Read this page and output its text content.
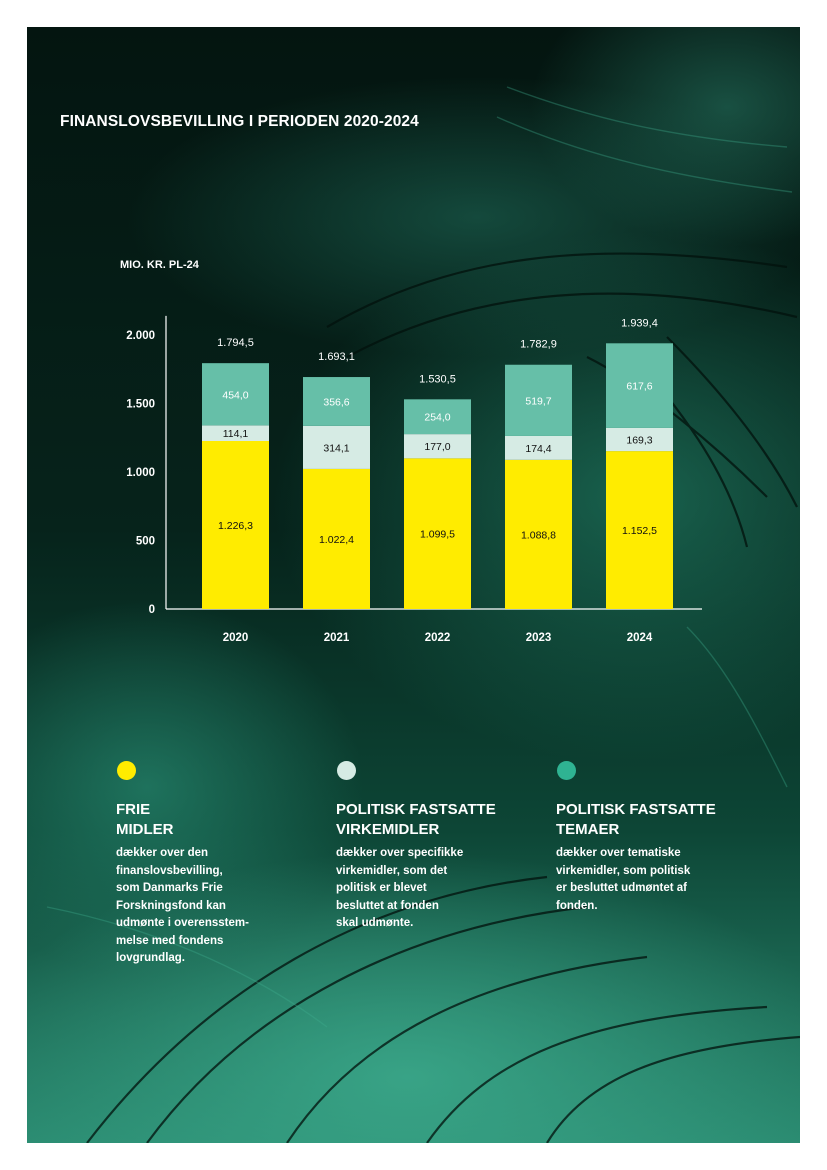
FINANSLOVSBEVILLING I PERIODEN 2020-2024
MIO. KR. PL-24
0
500
1.000
1.500
2.000
1.226,3
114,1
454,0
1.794,5
2020
1.022,4
314,1
356,6
1.693,1
2021
1.099,5
177,0
254,0
1.530,5
2022
1.088,8
174,4
519,7
1.782,9
2023
1.152,5
169,3
617,6
1.939,4
2024
FRIE
MIDLER

dækker over den
finanslovsbevilling,
som Danmarks Frie
Forskningsfond kan
udmønte i overensstem-
melse med fondens
lovgrundlag.

POLITISK FASTSATTE
VIRKEMIDLER

dækker over specifikke
virkemidler, som det
politisk er blevet
besluttet at fonden
skal udmønte.

POLITISK FASTSATTE
TEMAER

dækker over tematiske
virkemidler, som politisk
er besluttet udmøntet af
fonden.
